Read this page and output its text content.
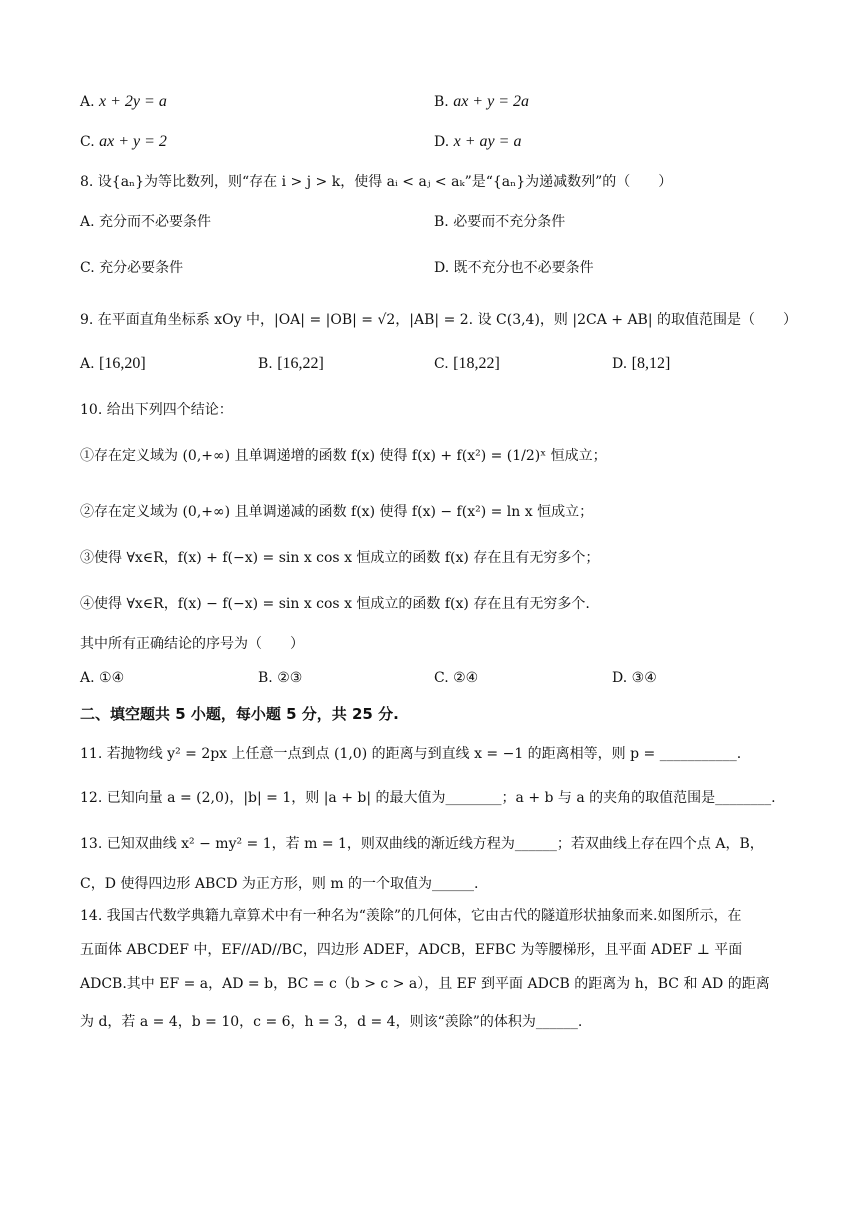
A. x + 2y = a	B. ax + y = 2a
C. ax + y = 2	D. x + ay = a
8. 设{aₙ}为等比数列，则“存在 i > j > k，使得 aᵢ < aⱼ < aₖ”是“{aₙ}为递减数列”的（　　）
A. 充分而不必要条件	B. 必要而不充分条件
C. 充分必要条件	D. 既不充分也不必要条件
9. 在平面直角坐标系 xOy 中，|OA| = |OB| = √2，|AB| = 2. 设 C(3,4)，则 |2CA + AB| 的取值范围是（　　）
A. [16,20]	B. [16,22]	C. [18,22]	D. [8,12]
10. 给出下列四个结论：
①存在定义域为 (0,+∞) 且单调递增的函数 f(x) 使得 f(x) + f(x²) = (1/2)ˣ 恒成立；
②存在定义域为 (0,+∞) 且单调递减的函数 f(x) 使得 f(x) − f(x²) = ln x 恒成立；
③使得 ∀x∈R，f(x) + f(−x) = sin x cos x 恒成立的函数 f(x) 存在且有无穷多个；
④使得 ∀x∈R，f(x) − f(−x) = sin x cos x 恒成立的函数 f(x) 存在且有无穷多个.
其中所有正确结论的序号为（　　）
A. ①④	B. ②③	C. ②④	D. ③④
二、填空题共 5 小题，每小题 5 分，共 25 分.
11. 若抛物线 y² = 2px 上任意一点到点 (1,0) 的距离与到直线 x = −1 的距离相等，则 p = ___________.
12. 已知向量 a = (2,0)，|b| = 1，则 |a + b| 的最大值为________；a + b 与 a 的夹角的取值范围是________.
13. 已知双曲线 x² − my² = 1，若 m = 1，则双曲线的渐近线方程为______；若双曲线上存在四个点 A，B，
C，D 使得四边形 ABCD 为正方形，则 m 的一个取值为______.
14. 我国古代数学典籍九章算术中有一种名为“羡除”的几何体，它由古代的隧道形状抽象而来.如图所示，在
五面体 ABCDEF 中，EF//AD//BC，四边形 ADEF，ADCB，EFBC 为等腰梯形，且平面 ADEF ⊥ 平面
ADCB.其中 EF = a，AD = b，BC = c（b > c > a），且 EF 到平面 ADCB 的距离为 h，BC 和 AD 的距离
为 d，若 a = 4，b = 10，c = 6，h = 3，d = 4，则该“羡除”的体积为______.
